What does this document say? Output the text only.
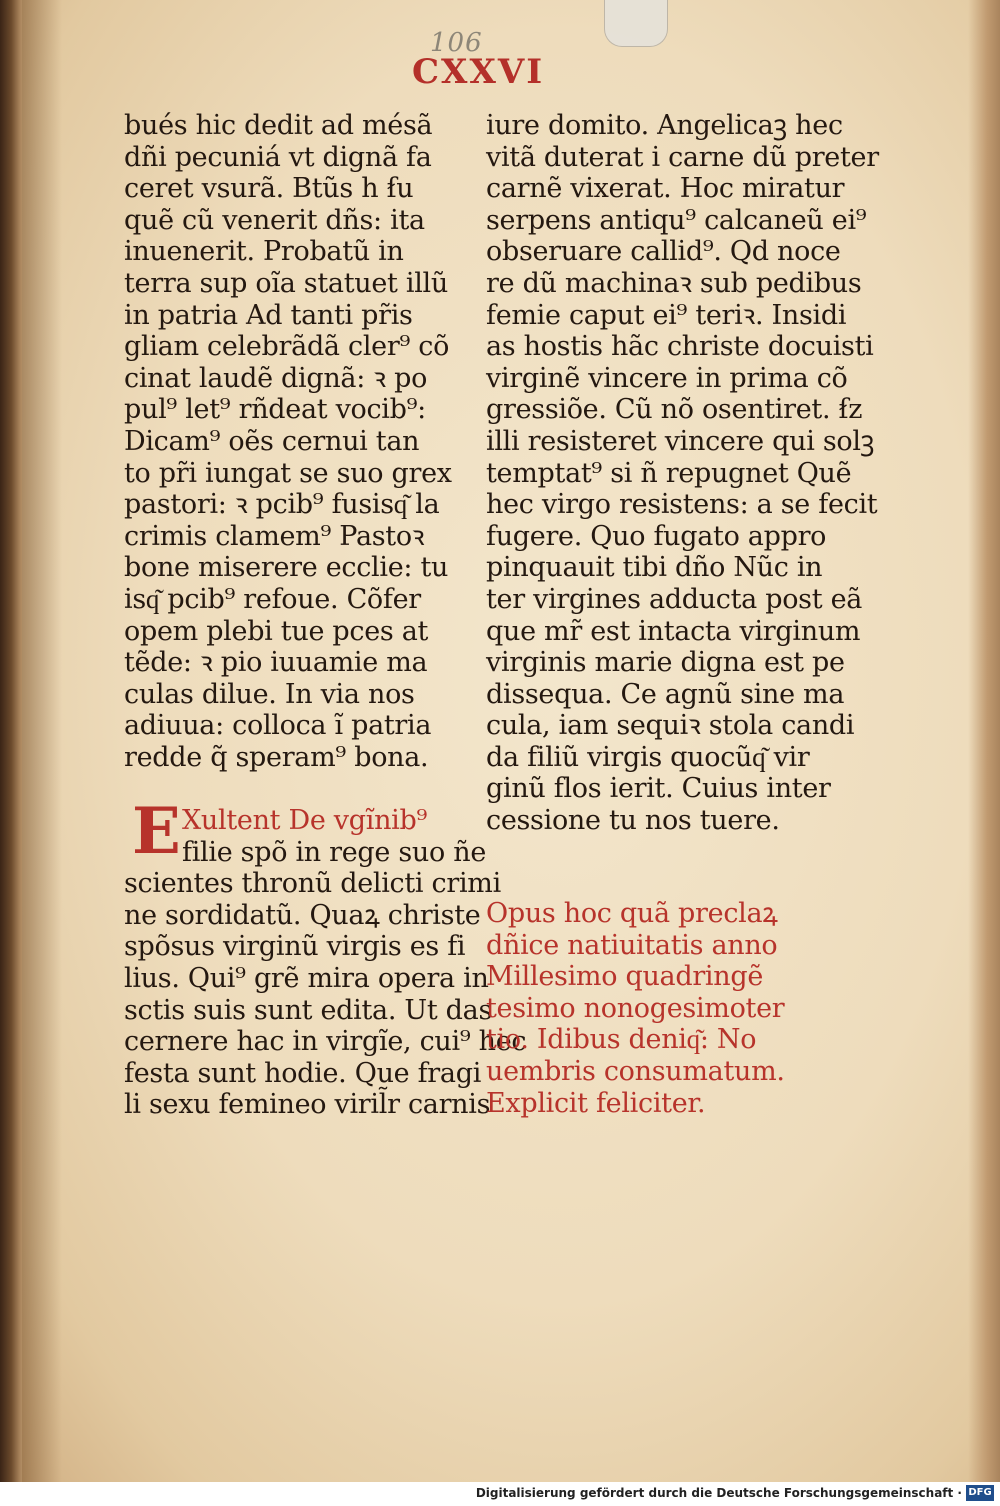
106
CXXVI
bués hic dedit ad mésã
dñi pecuniá vt dignã fa
ceret vsurã. Btũs h ẜu
quẽ cũ venerit dñs: ita
inuenerit. Probatũ in
terra sup oĩa statuet illũ
in patria Ad tanti pr̃is
gliam celebrãdã cler⁹ cõ
cinat laudẽ dignã: ꝛ po
pul⁹ let⁹ rñdeat vocib⁹:
Dicam⁹ oẽs cernui tan
to pr̃i iungat se suo grex
pastori: ꝛ pcib⁹ fusisq͂ la
crimis clamem⁹ Pastoꝛ
bone miserere ecclie: tu
isq͂ pcib⁹ refoue. Cõfer
opem plebi tue pces at
tẽde: ꝛ pio iuuamie ma
culas dilue. In via nos
adiuua: colloca ĩ patria
redde q̃ speram⁹ bona.
Xultent De vgĩnib⁹
filie spõ in rege suo ñe
scientes thronũ delicti crimi
ne sordidatũ. Quaꝝ christe
spõsus virginũ virgis es fi
lius. Qui⁹ grẽ mira opera in
sctis suis sunt edita. Ut das
cernere hac in virgĩe, cui⁹ hec
festa sunt hodie. Que fragi
li sexu femineo viril̃r carnis
E
iure domito. Angelicaꝫ hec
vitã duterat i carne dũ preter
carnẽ vixerat. Hoc miratur
serpens antiqu⁹ calcaneũ ei⁹
obseruare callid⁹. Qd noce
re dũ machinaꝛ sub pedibus
femie caput ei⁹ teriꝛ. Insidi
as hostis hãc christe docuisti
virginẽ vincere in prima cõ
gressiõe. Cũ nõ osentiret. ẜz
illi resisteret vincere qui solꝫ
temptat⁹ si ñ repugnet Quẽ
hec virgo resistens: a se fecit
fugere. Quo fugato appro
pinquauit tibi dño Nũc in
ter virgines adducta post eã
que mr̃ est intacta virginum
virginis marie digna est pe
dissequa. Ce agnũ sine ma
cula, iam sequiꝛ stola candi
da filiũ virgis quocũq͂ vir
ginũ flos ierit. Cuius inter
cessione tu nos tuere.
Opus hoc quã preclaꝝ
dñice natiuitatis anno
Millesimo quadringẽ
tesimo nonogesimoter
tio. Idibus deniq͂: No
uembris consumatum.
Explicit feliciter.
Digitalisierung gefördert durch die Deutsche Forschungsgemeinschaft · DFG
